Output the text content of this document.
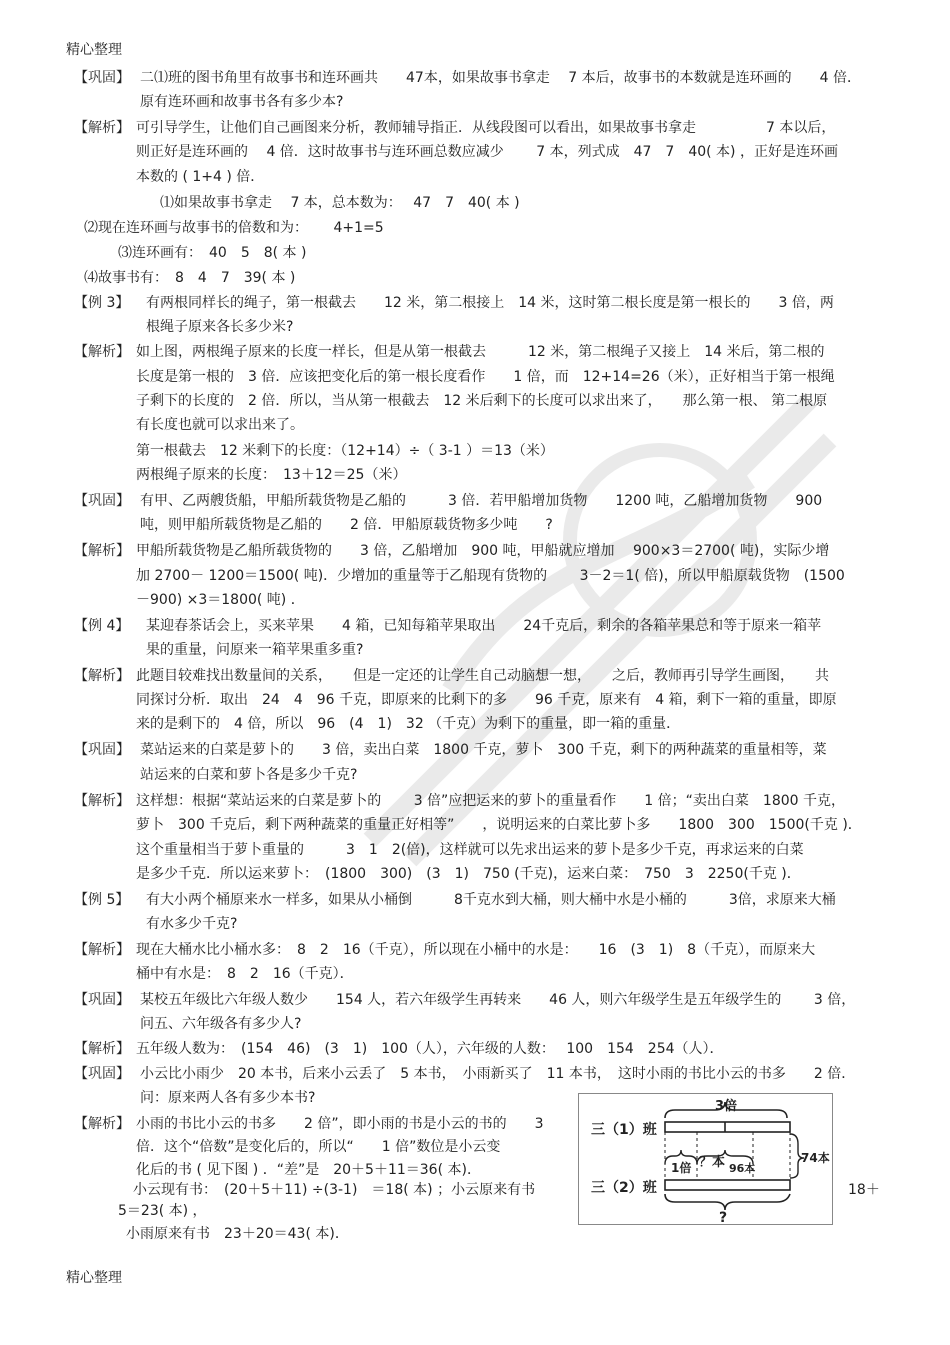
精心整理
【巩固】 二⑴班的图书角里有故事书和连环画共　　47本，如果故事书拿走　 7 本后，故事书的本数就是连环画的　　4 倍．
原有连环画和故事书各有多少本?
【解析】 可引导学生，让他们自己画图来分析，教师辅导指正．从线段图可以看出，如果故事书拿走　　　　　7 本以后，
则正好是连环画的　 4 倍．这时故事书与连环画总数应减少　　 7 本，列式成　47　7　40( 本) ，正好是连环画
本数的 ( 1+4 ) 倍．
⑴如果故事书拿走　 7 本，总本数为：　 47　7　40( 本 )
⑵现在连环画与故事书的倍数和为：　　 4+1=5
⑶连环画有：　40　5　8( 本 )
⑷故事书有：　8　4　7　39( 本 )
【例 3】 有两根同样长的绳子，第一根截去　　12 米，第二根接上　14 米，这时第二根长度是第一根长的　　3 倍，两
根绳子原来各长多少米?
【解析】 如上图，两根绳子原来的长度一样长，但是从第一根截去　　　12 米，第二根绳子又接上　14 米后，第二根的
长度是第一根的　3 倍．应该把变化后的第一根长度看作　　1 倍，而　12+14=26（米），正好相当于第一根绳
子剩下的长度的　2 倍．所以，当从第一根截去　12 米后剩下的长度可以求出来了，　　那么第一根、 第二根原
有长度也就可以求出来了。
第一根截去　12 米剩下的长度：（12+14）÷（ 3-1 ）＝13（米）
两根绳子原来的长度：　13＋12＝25（米）
【巩固】 有甲、乙两艘货船，甲船所载货物是乙船的　　　3 倍．若甲船增加货物　　1200 吨，乙船增加货物　　900
吨，则甲船所载货物是乙船的　　2 倍．甲船原载货物多少吨　　?
【解析】 甲船所载货物是乙船所载货物的　　3 倍，乙船增加　900 吨，甲船就应增加　 900×3＝2700( 吨)，实际少增
加 2700－ 1200＝1500( 吨)．少增加的重量等于乙船现有货物的　　 3－2＝1( 倍)，所以甲船原载货物　(1500
－900) ×3＝1800( 吨) ．
【例 4】 某迎春茶话会上，买来苹果　　4 箱，已知每箱苹果取出　　24千克后，剩余的各箱苹果总和等于原来一箱苹
果的重量，问原来一箱苹果重多重?
【解析】 此题目较难找出数量间的关系，　　但是一定还的让学生自己动脑想一想，　　之后，教师再引导学生画图，　　共
同探讨分析．取出　24　4　96 千克，即原来的比剩下的多　　96 千克，原来有　4 箱，剩下一箱的重量，即原
来的是剩下的　4 倍，所以　96　(4　1)　32 （千克）为剩下的重量，即一箱的重量．
【巩固】 菜站运来的白菜是萝卜的　　3 倍，卖出白菜　1800 千克，萝卜　300 千克，剩下的两种蔬菜的重量相等，菜
站运来的白菜和萝卜各是多少千克?
【解析】 这样想：根据“菜站运来的白菜是萝卜的　　 3 倍”应把运来的萝卜的重量看作　　1 倍；“卖出白菜　1800 千克，
萝卜　300 千克后，剩下两种蔬菜的重量正好相等”　　，说明运来的白菜比萝卜多　　1800　300　1500(千克 )．
这个重量相当于萝卜重量的　　　3　1　2(倍)，这样就可以先求出运来的萝卜是多少千克，再求运来的白菜
是多少千克．所以运来萝卜：　(1800　300)　(3　1)　750 (千克)，运来白菜：　750　3　2250(千克 )．
【例 5】 有大小两个桶原来水一样多，如果从小桶倒　　　8千克水到大桶，则大桶中水是小桶的　　　3倍，求原来大桶
有水多少千克?
【解析】 现在大桶水比小桶水多：　8　2　16（千克），所以现在小桶中的水是：　　16　(3　1)　8（千克），而原来大
桶中有水是：　8　2　16（千克）．
【巩固】 某校五年级比六年级人数少　　154 人，若六年级学生再转来　　46 人，则六年级学生是五年级学生的　　 3 倍，
问五、六年级各有多少人?
【解析】 五年级人数为：　(154　46)　(3　1)　100（人），六年级的人数：　 100　154　254（人）．
【巩固】 小云比小雨少　20 本书，后来小云丢了　5 本书，　小雨新买了　11 本书，　这时小雨的书比小云的书多　　2 倍．
问：原来两人各有多少本书?
【解析】 小雨的书比小云的书多　　2 倍”，即小雨的书是小云的书的　　3
倍．这个“倍数”是变化后的，所以“　　1 倍”数位是小云变
化后的书 ( 见下图 ) ．“差”是　20＋5＋11＝36( 本)．
小云现有书：　(20＋5＋11) ÷(3-1)　＝18( 本) ；小云原来有书	18＋
5＝23( 本) ，
小雨原来有书　23＋20＝43( 本)．
三（1）班
三（2）班
3倍
1倍 ？本 96本
74本
?
精心整理
